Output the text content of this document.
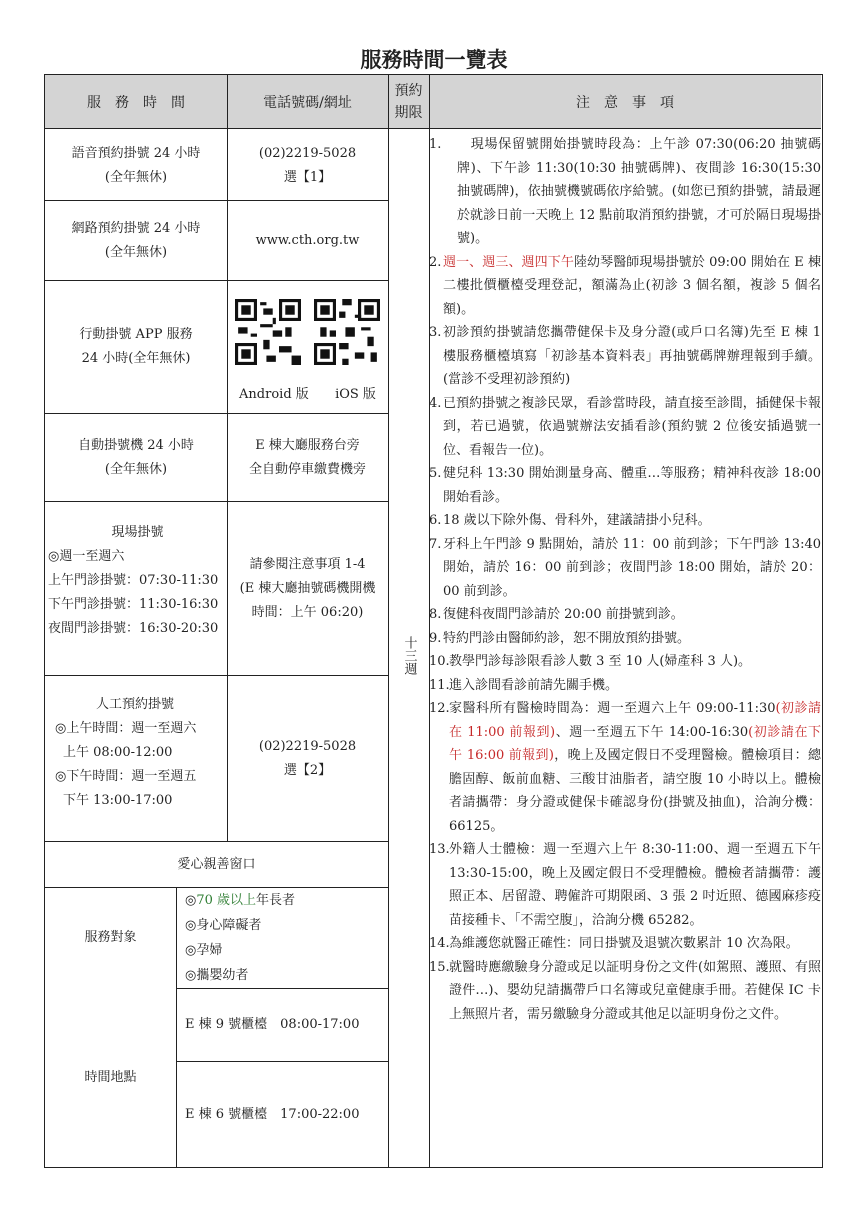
服務時間一覽表
服　務　時　間	電話號碼/網址
預約
期限
注　意　事　項
語音預約掛號 24 小時
(全年無休)
(02)2219-5028
選【1】
網路預約掛號 24 小時
(全年無休)
www.cth.org.tw
行動掛號 APP 服務
24 小時(全年無休)

Android 版 iOS 版
自動掛號機 24 小時
(全年無休)
E 棟大廳服務台旁
全自動停車繳費機旁
現場掛號
◎週一至週六
上午門診掛號：07:30-11:30
下午門診掛號：11:30-16:30
夜間門診掛號：16:30-20:30
請參閱注意事項 1-4
(E 棟大廳抽號碼機開機
時間：上午 06:20)
人工預約掛號
◎上午時間：週一至週六
上午 08:00-12:00
◎下午時間：週一至週五
下午 13:00-17:00
(02)2219-5028
選【2】
愛心親善窗口
服務對象
◎70 歲以上年長者
◎身心障礙者
◎孕婦
◎攜嬰幼者
時間地點
E 棟 9 號櫃檯　08:00-17:00
E 棟 6 號櫃檯　17:00-22:00
十三週

1. 　現場保留號開始掛號時段為：上午診 07:30(06:20 抽號碼牌)、下午診 11:30(10:30 抽號碼牌)、夜間診 16:30(15:30 抽號碼牌)，依抽號機號碼依序給號。(如您已預約掛號，請最遲於就診日前一天晚上 12 點前取消預約掛號，才可於隔日現場掛號)。

2. 週一、週三、週四下午陸幼琴醫師現場掛號於 09:00 開始在 E 棟二樓批價櫃檯受理登記，額滿為止(初診 3 個名額，複診 5 個名額)。

3. 初診預約掛號請您攜帶健保卡及身分證(或戶口名簿)先至 E 棟 1 樓服務櫃檯填寫「初診基本資料表」再抽號碼牌辦理報到手續。(當診不受理初診預約)

4. 已預約掛號之複診民眾，看診當時段，請直接至診間，插健保卡報到，若已過號，依過號辦法安插看診(預約號 2 位後安插過號一位、看報告一位)。

5. 健兒科 13:30 開始測量身高、體重…等服務；精神科夜診 18:00 開始看診。

6. 18 歲以下除外傷、骨科外，建議請掛小兒科。

7. 牙科上午門診 9 點開始，請於 11：00 前到診；下午門診 13:40 開始，請於 16：00 前到診；夜間門診 18:00 開始，請於 20：00 前到診。

8. 復健科夜間門診請於 20:00 前掛號到診。

9. 特約門診由醫師約診，恕不開放預約掛號。

10. 教學門診每診限看診人數 3 至 10 人(婦產科 3 人)。

11. 進入診間看診前請先關手機。

12. 家醫科所有醫檢時間為：週一至週六上午 09:00-11:30(初診請在 11:00 前報到)、週一至週五下午 14:00-16:30(初診請在下午 16:00 前報到)，晚上及國定假日不受理醫檢。體檢項目：總膽固醇、飯前血糖、三酸甘油脂者，請空腹 10 小時以上。體檢者請攜帶：身分證或健保卡確認身份(掛號及抽血)，洽詢分機：66125。

13. 外籍人士體檢：週一至週六上午 8:30-11:00、週一至週五下午 13:30-15:00，晚上及國定假日不受理體檢。體檢者請攜帶：護照正本、居留證、聘僱許可期限函、3 張 2 吋近照、德國麻疹疫苗接種卡、「不需空腹」，洽詢分機 65282。

14. 為維護您就醫正確性：同日掛號及退號次數累計 10 次為限。

15. 就醫時應繳驗身分證或足以証明身份之文件(如駕照、護照、有照證件…)、嬰幼兒請攜帶戶口名簿或兒童健康手冊。若健保 IC 卡上無照片者，需另繳驗身分證或其他足以証明身份之文件。
